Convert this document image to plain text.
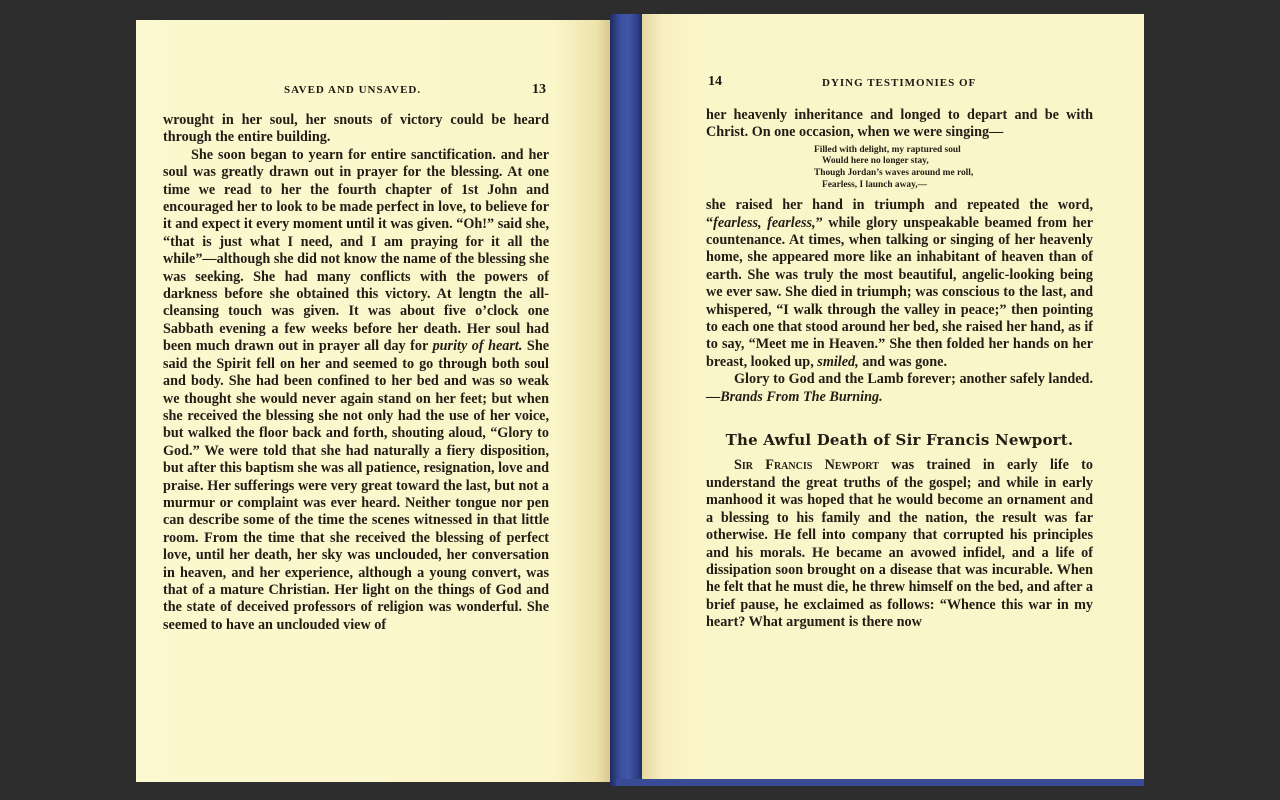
SAVED AND UNSAVED.	13

wrought in her soul, her snouts of victory could be heard through the entire building.

She soon began to yearn for entire sanctification. and her soul was greatly drawn out in prayer for the blessing. At one time we read to her the fourth chapter of 1st John and encouraged her to look to be made perfect in love, to believe for it and expect it every moment until it was given. “Oh!” said she, “that is just what I need, and I am praying for it all the while”—although she did not know the name of the blessing she was seeking. She had many conflicts with the powers of darkness before she obtained this victory. At lengtn the all-cleansing touch was given. It was about five o’clock one Sabbath evening a few weeks before her death. Her soul had been much drawn out in prayer all day for purity of heart. She said the Spirit fell on her and seemed to go through both soul and body. She had been confined to her bed and was so weak we thought she would never again stand on her feet; but when she received the blessing she not only had the use of her voice, but walked the floor back and forth, shouting aloud, “Glory to God.” We were told that she had naturally a fiery disposition, but after this baptism she was all patience, resignation, love and praise. Her sufferings were very great toward the last, but not a murmur or complaint was ever heard. Neither tongue nor pen can describe some of the time the scenes witnessed in that little room. From the time that she received the blessing of perfect love, until her death, her sky was unclouded, her conversation in heaven, and her experience, although a young convert, was that of a mature Christian. Her light on the things of God and the state of deceived professors of religion was wonderful. She seemed to have an unclouded view of

14	DYING TESTIMONIES OF

her heavenly inheritance and longed to depart and be with Christ. On one occasion, when we were singing—

Filled with delight, my raptured soul
Would here no longer stay,
Though Jordan’s waves around me roll,
Fearless, I launch away,—

she raised her hand in triumph and repeated the word, “fearless, fearless,” while glory unspeakable beamed from her countenance. At times, when talking or singing of her heavenly home, she appeared more like an inhabitant of heaven than of earth. She was truly the most beautiful, angelic-looking being we ever saw. She died in triumph; was conscious to the last, and whispered, “I walk through the valley in peace;” then pointing to each one that stood around her bed, she raised her hand, as if to say, “Meet me in Heaven.” She then folded her hands on her breast, looked up, smiled, and was gone.

Glory to God and the Lamb forever; another safely landed.—Brands From The Burning.

The Awful Death of Sir Francis Newport.

Sir Francis Newport was trained in early life to understand the great truths of the gospel; and while in early manhood it was hoped that he would become an ornament and a blessing to his family and the nation, the result was far otherwise. He fell into company that corrupted his principles and his morals. He became an avowed infidel, and a life of dissipation soon brought on a disease that was incurable. When he felt that he must die, he threw himself on the bed, and after a brief pause, he exclaimed as follows: “Whence this war in my heart? What argument is there now
